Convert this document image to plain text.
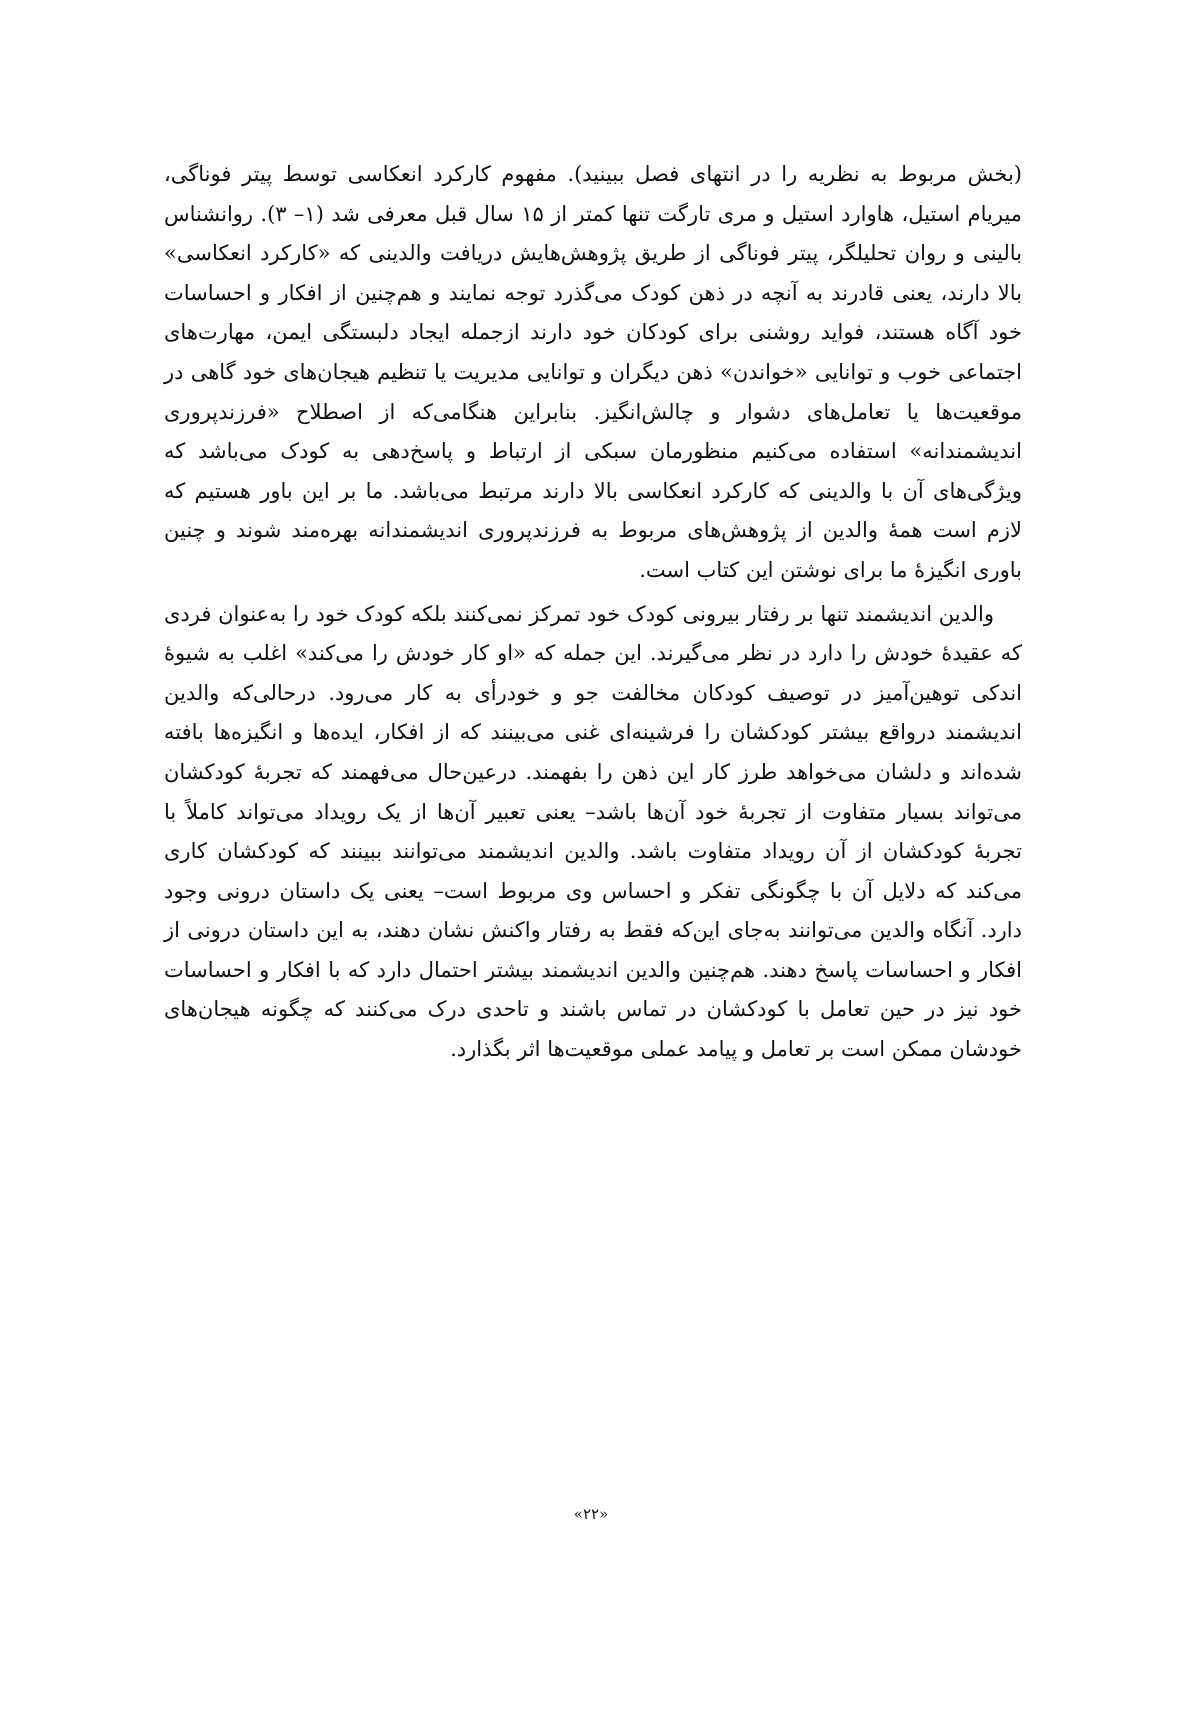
(بخش مربوط به نظریه را در انتهای فصل ببینید). مفهوم کارکرد انعکاسی توسط پیتر فوناگی، میریام استیل، هاوارد استیل و مری تارگت تنها کمتر از ۱۵ سال قبل معرفی شد (۱– ۳). روانشناس بالینی و روان تحلیلگر، پیتر فوناگی از طریق پژوهش‌هایش دریافت والدینی که «کارکرد انعکاسی» بالا دارند، یعنی قادرند به آنچه در ذهن کودک می‌گذرد توجه نمایند و هم‌چنین از افکار و احساسات خود آگاه هستند، فواید روشنی برای کودکان خود دارند ازجمله ایجاد دلبستگی ایمن، مهارت‌های اجتماعی خوب و توانایی «خواندن» ذهن دیگران و توانایی مدیریت یا تنظیم هیجان‌های خود گاهی در موقعیت‌ها یا تعامل‌های دشوار و چالش‌انگیز. بنابراین هنگامی‌که از اصطلاح «فرزندپروری اندیشمندانه» استفاده می‌کنیم منظورمان سبکی از ارتباط و پاسخ‌دهی به کودک می‌باشد که ویژگی‌های آن با والدینی که کارکرد انعکاسی بالا دارند مرتبط می‌باشد. ما بر این باور هستیم که لازم است همهٔ والدین از پژوهش‌های مربوط به فرزندپروری اندیشمندانه بهره‌مند شوند و چنین باوری انگیزهٔ ما برای نوشتن این کتاب است.

والدین اندیشمند تنها بر رفتار بیرونی کودک خود تمرکز نمی‌کنند بلکه کودک خود را به‌عنوان فردی که عقیدهٔ خودش را دارد در نظر می‌گیرند. این جمله که «او کار خودش را می‌کند» اغلب به شیوهٔ اندکی توهین‌آمیز در توصیف کودکان مخالفت جو و خودرأی به کار می‌رود. درحالی‌که والدین اندیشمند درواقع بیشتر کودکشان را فرشینه‌ای غنی می‌بینند که از افکار، ایده‌ها و انگیزه‌ها بافته شده‌اند و دلشان می‌خواهد طرز کار این ذهن را بفهمند. درعین‌حال می‌فهمند که تجربهٔ کودکشان می‌تواند بسیار متفاوت از تجربهٔ خود آن‌ها باشد– یعنی تعبیر آن‌ها از یک رویداد می‌تواند کاملاً با تجربهٔ کودکشان از آن رویداد متفاوت باشد. والدین اندیشمند می‌توانند ببینند که کودکشان کاری می‌کند که دلایل آن با چگونگی تفکر و احساس وی مربوط است– یعنی یک داستان درونی وجود دارد. آنگاه والدین می‌توانند به‌جای این‌که فقط به رفتار واکنش نشان دهند، به این داستان درونی از افکار و احساسات پاسخ دهند. هم‌چنین والدین اندیشمند بیشتر احتمال دارد که با افکار و احساسات خود نیز در حین تعامل با کودکشان در تماس باشند و تاحدی درک می‌کنند که چگونه هیجان‌های خودشان ممکن است بر تعامل و پیامد عملی موقعیت‌ها اثر بگذارد.

«۲۲»
